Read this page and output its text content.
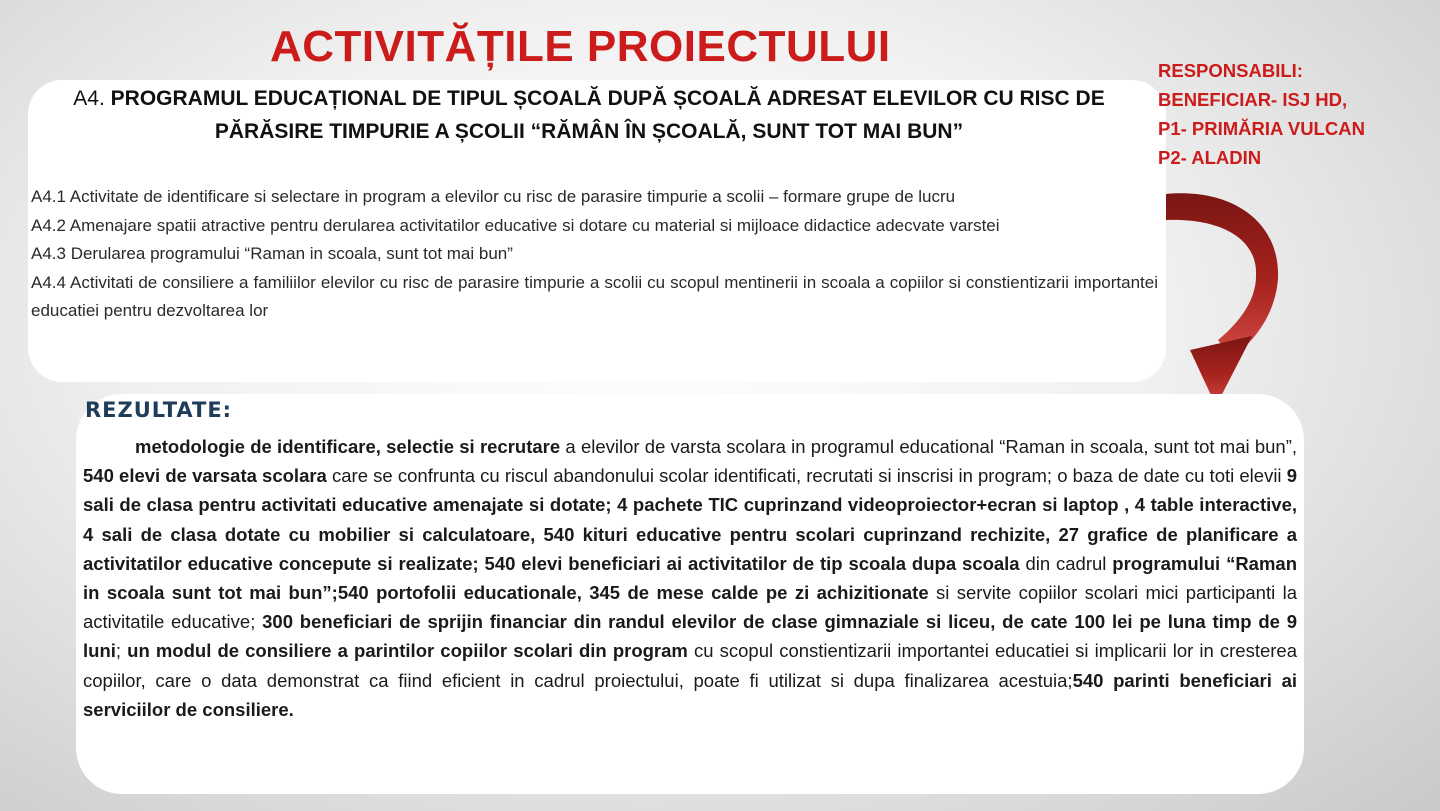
ACTIVITĂȚILE PROIECTULUI

A4. PROGRAMUL EDUCAȚIONAL DE TIPUL ȘCOALĂ DUPĂ ȘCOALĂ ADRESAT ELEVILOR CU RISC DE PĂRĂSIRE TIMPURIE A ȘCOLII “RĂMÂN ÎN ȘCOALĂ, SUNT TOT MAI BUN”

A4.1 Activitate de identificare si selectare in program a elevilor cu risc de parasire timpurie a scolii – formare grupe de lucru

A4.2 Amenajare spatii atractive pentru derularea activitatilor educative si dotare cu material si mijloace didactice adecvate varstei

A4.3 Derularea programului “Raman in scoala, sunt tot mai bun”

A4.4 Activitati de consiliere a familiilor elevilor cu risc de parasire timpurie a scolii cu scopul mentinerii in scoala a copiilor si constientizarii importantei educatiei pentru dezvoltarea lor

RESPONSABILI:
BENEFICIAR- ISJ HD,
P1- PRIMĂRIA VULCAN
P2- ALADIN
REZULTATE:

metodologie de identificare, selectie si recrutare a elevilor de varsta scolara in programul educational “Raman in scoala, sunt tot mai bun”, 540 elevi de varsata scolara care se confrunta cu riscul abandonului scolar identificati, recrutati si inscrisi in program; o baza de date cu toti elevii 9 sali de clasa pentru activitati educative amenajate si dotate; 4 pachete TIC cuprinzand videoproiector+ecran si laptop , 4 table interactive, 4 sali de clasa dotate cu mobilier si calculatoare, 540 kituri educative pentru scolari cuprinzand rechizite, 27 grafice de planificare a activitatilor educative concepute si realizate; 540 elevi beneficiari ai activitatilor de tip scoala dupa scoala din cadrul programului “Raman in scoala sunt tot mai bun”;540 portofolii educationale, 345 de mese calde pe zi achizitionate si servite copiilor scolari mici participanti la activitatile educative; 300 beneficiari de sprijin financiar din randul elevilor de clase gimnaziale si liceu, de cate 100 lei pe luna timp de 9 luni; un modul de consiliere a parintilor copiilor scolari din program cu scopul constientizarii importantei educatiei si implicarii lor in cresterea copiilor, care o data demonstrat ca fiind eficient in cadrul proiectului, poate fi utilizat si dupa finalizarea acestuia;540 parinti beneficiari ai serviciilor de consiliere.
